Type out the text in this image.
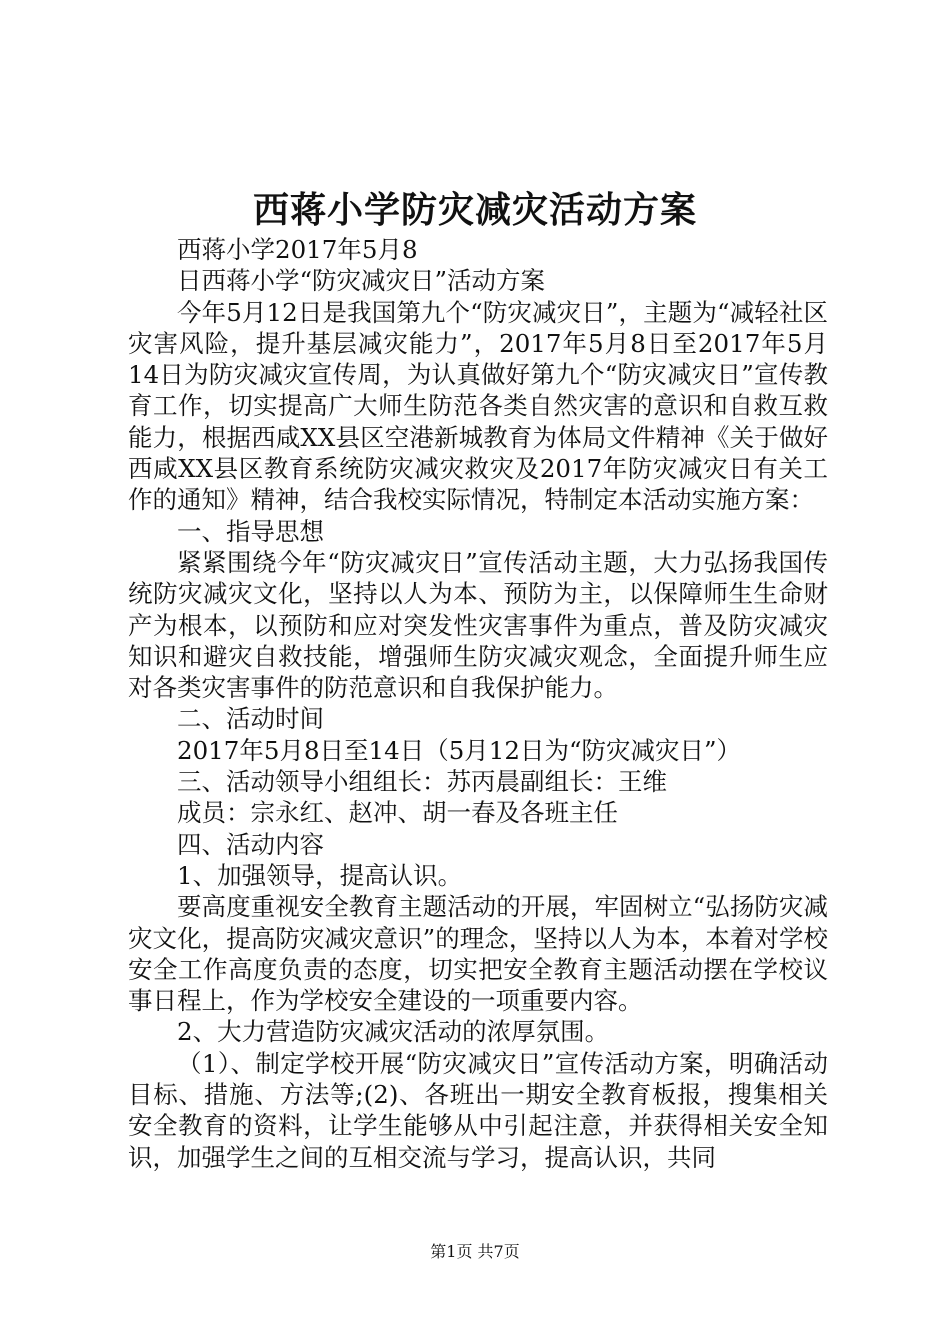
西蒋小学防灾减灾活动方案

西蒋小学2017年5月8

日西蒋小学“防灾减灾日”活动方案

今年5月12日是我国第九个“防灾减灾日”，主题为“减轻社区灾害风险，提升基层减灾能力”，2017年5月8日至2017年5月14日为防灾减灾宣传周，为认真做好第九个“防灾减灾日”宣传教育工作，切实提高广大师生防范各类自然灾害的意识和自救互救能力，根据西咸XX县区空港新城教育为体局文件精神《关于做好西咸XX县区教育系统防灾减灾救灾及2017年防灾减灾日有关工作的通知》精神，结合我校实际情况，特制定本活动实施方案：

一、指导思想

紧紧围绕今年“防灾减灾日”宣传活动主题，大力弘扬我国传统防灾减灾文化，坚持以人为本、预防为主，以保障师生生命财产为根本，以预防和应对突发性灾害事件为重点，普及防灾减灾知识和避灾自救技能，增强师生防灾减灾观念，全面提升师生应对各类灾害事件的防范意识和自我保护能力。

二、活动时间

2017年5月8日至14日（5月12日为“防灾减灾日”）

三、活动领导小组组长：苏丙晨副组长：王维

成员：宗永红、赵冲、胡一春及各班主任

四、活动内容

1、加强领导，提高认识。

要高度重视安全教育主题活动的开展，牢固树立“弘扬防灾减灾文化，提高防灾减灾意识”的理念，坚持以人为本，本着对学校安全工作高度负责的态度，切实把安全教育主题活动摆在学校议事日程上，作为学校安全建设的一项重要内容。

2、大力营造防灾减灾活动的浓厚氛围。

（1）、制定学校开展“防灾减灾日”宣传活动方案，明确活动目标、措施、方法等;(2)、各班出一期安全教育板报，搜集相关安全教育的资料，让学生能够从中引起注意，并获得相关安全知识，加强学生之间的互相交流与学习，提高认识，共同

第1页 共7页
